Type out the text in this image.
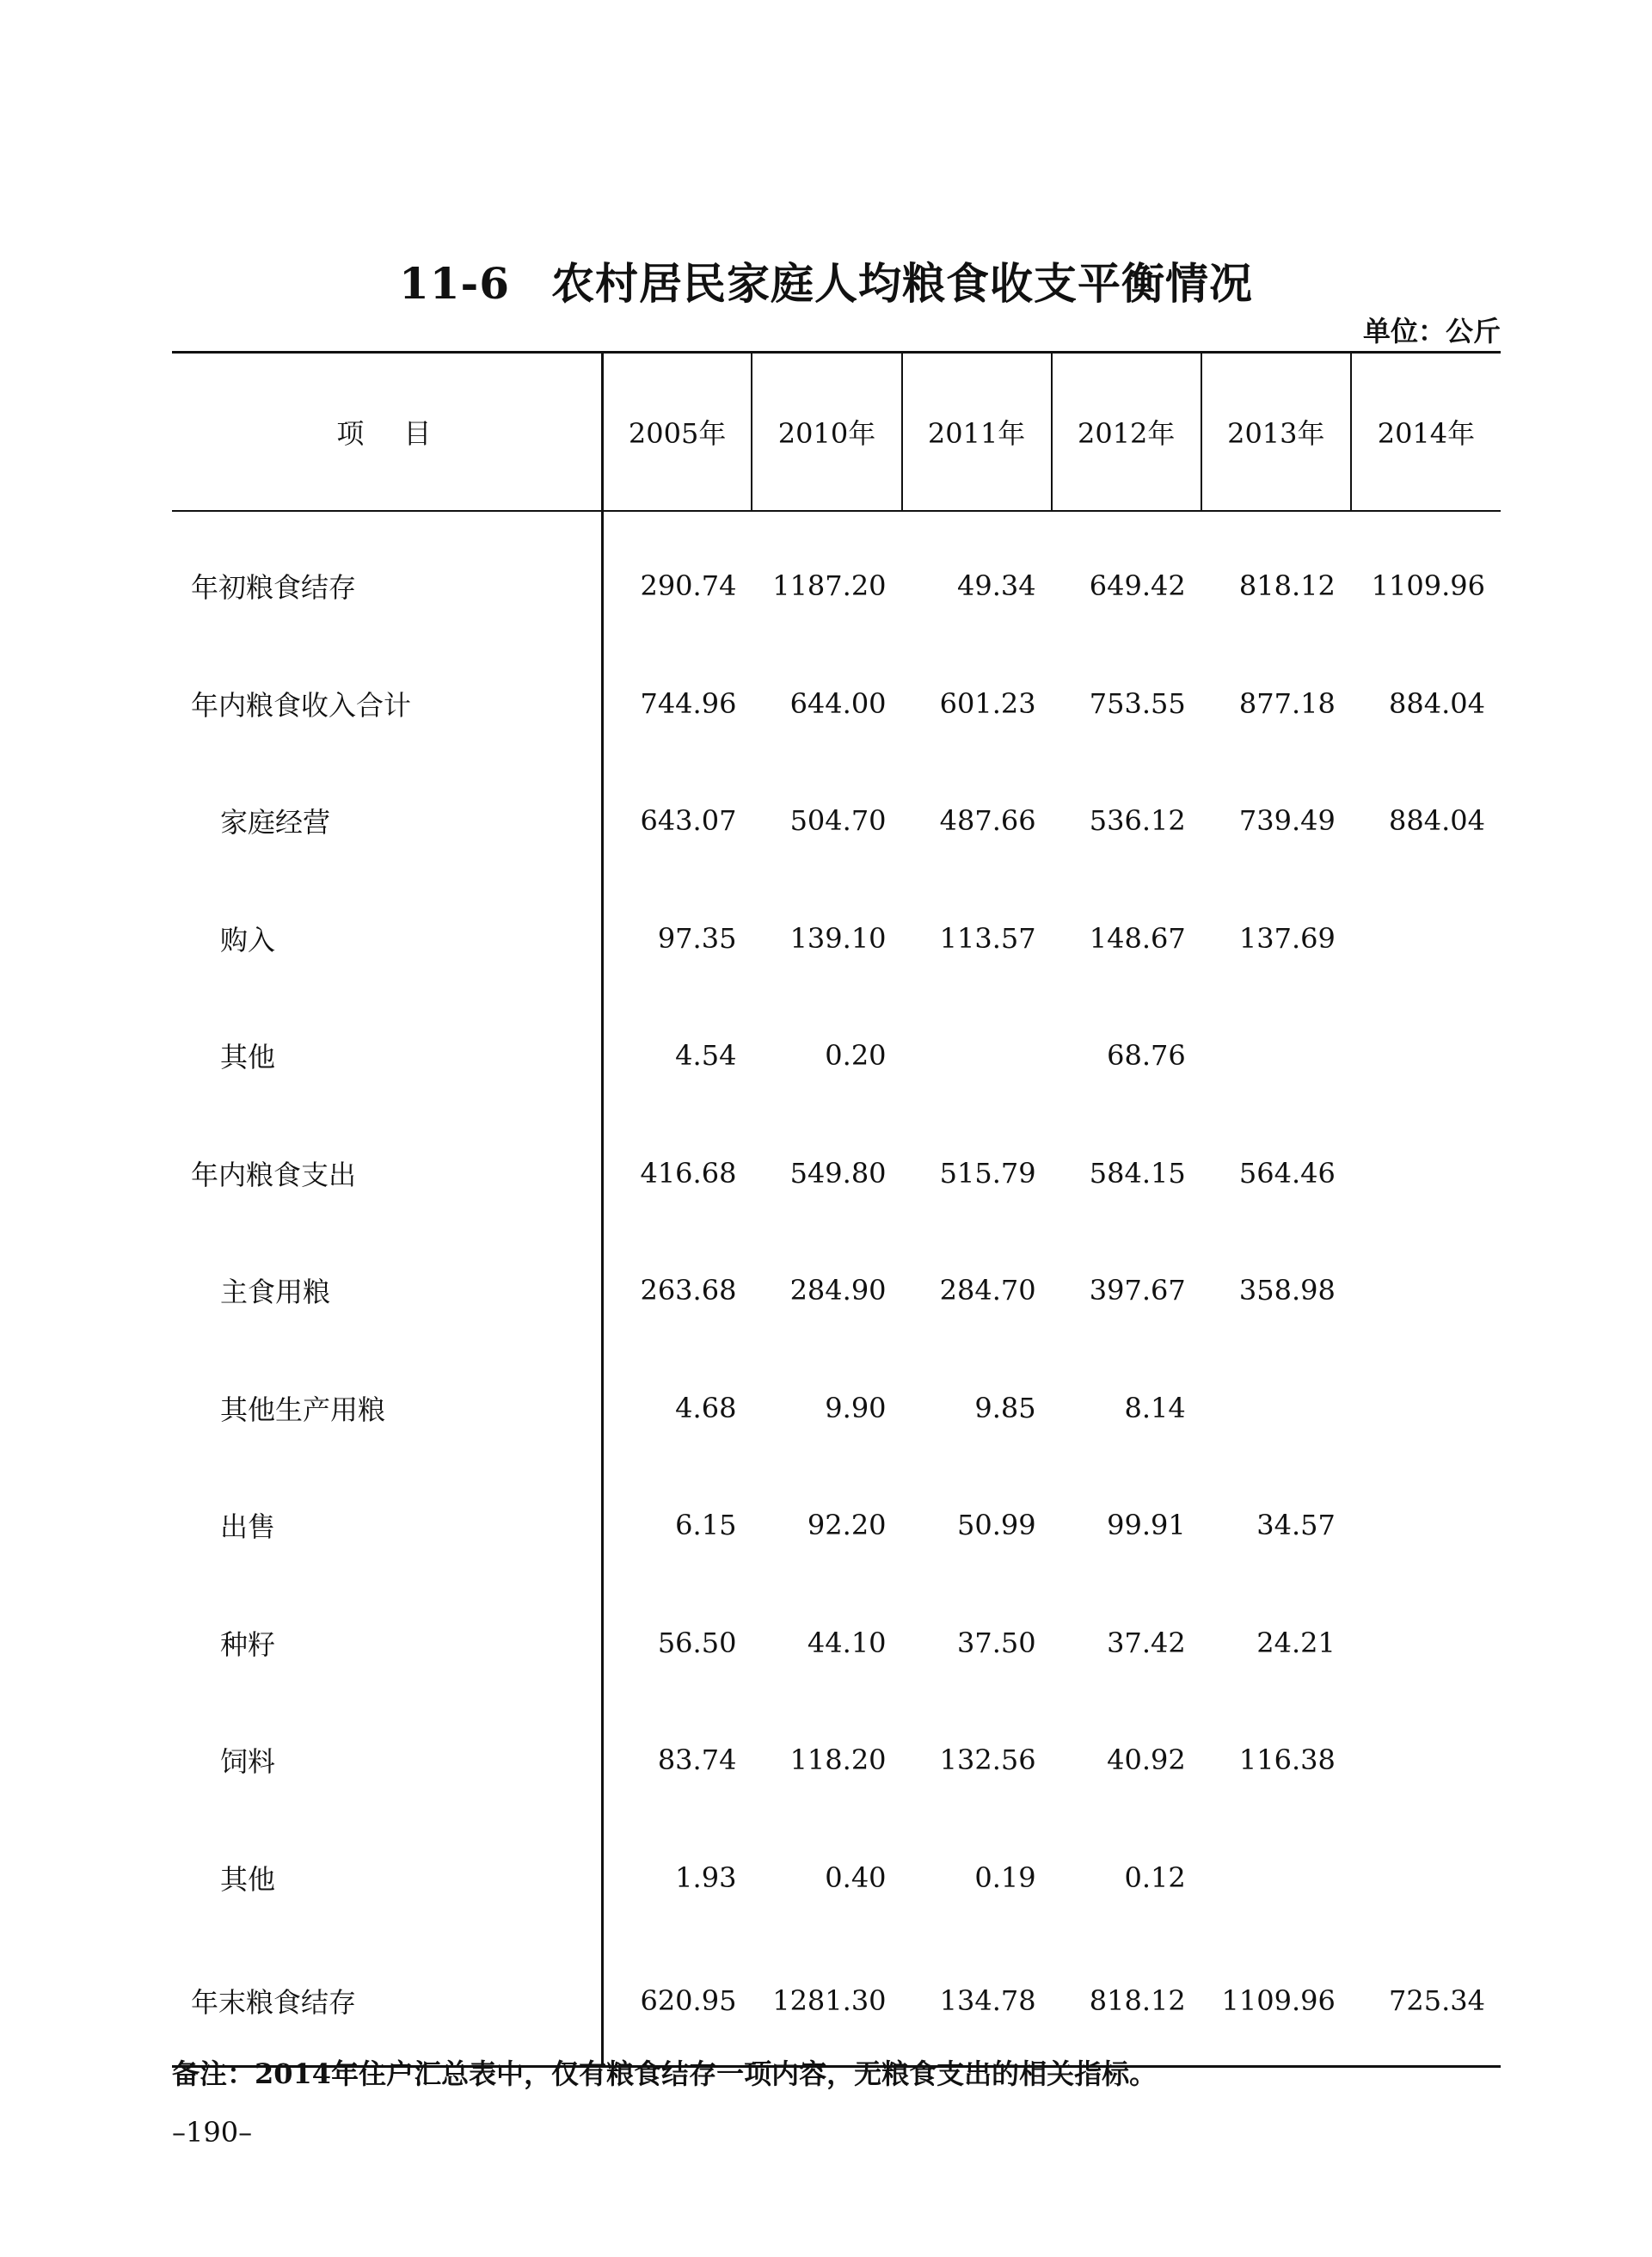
11-6 农村居民家庭人均粮食收支平衡情况
单位：公斤
项目	2005年	2010年	2011年	2012年	2013年	2014年
年初粮食结存	290.74	1187.20	49.34	649.42	818.12	1109.96
年内粮食收入合计	744.96	644.00	601.23	753.55	877.18	884.04
家庭经营	643.07	504.70	487.66	536.12	739.49	884.04
购入	97.35	139.10	113.57	148.67	137.69	
其他	4.54	0.20		68.76		
年内粮食支出	416.68	549.80	515.79	584.15	564.46	
主食用粮	263.68	284.90	284.70	397.67	358.98	
其他生产用粮	4.68	9.90	9.85	8.14		
出售	6.15	92.20	50.99	99.91	34.57	
种籽	56.50	44.10	37.50	37.42	24.21	
饲料	83.74	118.20	132.56	40.92	116.38	
其他	1.93	0.40	0.19	0.12		
年末粮食结存	620.95	1281.30	134.78	818.12	1109.96	725.34
备注：2014年住户汇总表中，仅有粮食结存一项内容，无粮食支出的相关指标。
–190–
